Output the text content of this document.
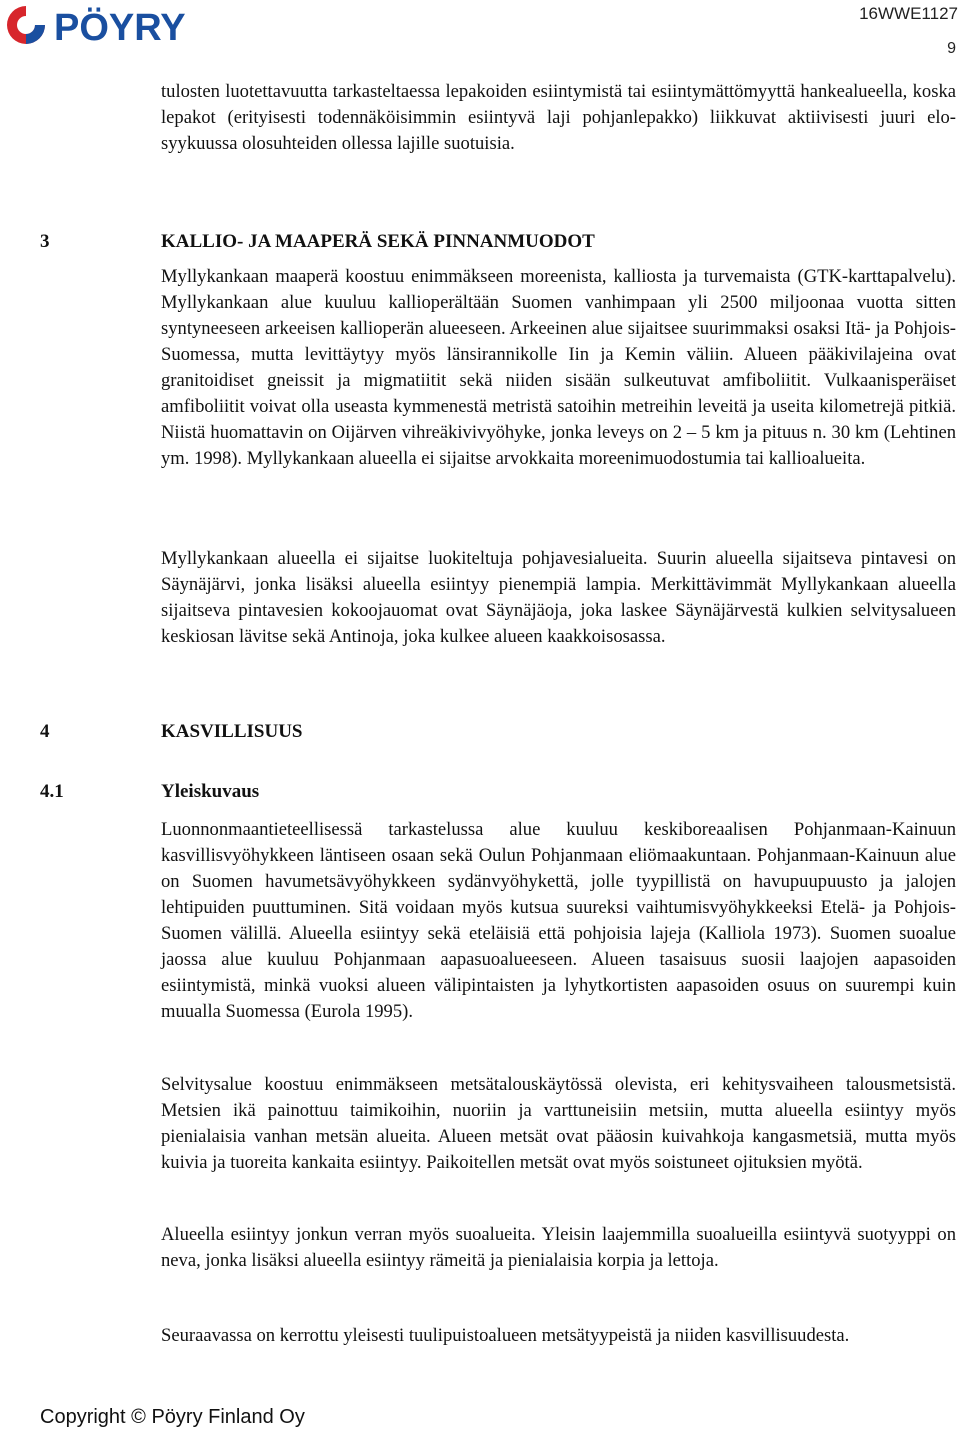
PÖYRY	16WWE1127
9

tulosten luotettavuutta tarkasteltaessa lepakoiden esiintymistä tai esiintymättömyyttä hankealueella, koska lepakot (erityisesti todennäköisimmin esiintyvä laji pohjanlepakko) liikkuvat aktiivisesti juuri elo-syykuussa olosuhteiden ollessa lajille suotuisia.

3	KALLIO- JA MAAPERÄ SEKÄ PINNANMUODOT

Myllykankaan maaperä koostuu enimmäkseen moreenista, kalliosta ja turvemaista (GTK-karttapalvelu). Myllykankaan alue kuuluu kallioperältään Suomen vanhimpaan yli 2500 miljoonaa vuotta sitten syntyneeseen arkeeisen kallioperän alueeseen. Arkeeinen alue sijaitsee suurimmaksi osaksi Itä- ja Pohjois-Suomessa, mutta levittäytyy myös länsirannikolle Iin ja Kemin väliin. Alueen pääkivilajeina ovat granitoidiset gneissit ja migmatiitit sekä niiden sisään sulkeutuvat amfiboliitit. Vulkaanisperäiset amfiboliitit voivat olla useasta kymmenestä metristä satoihin metreihin leveitä ja useita kilometrejä pitkiä. Niistä huomattavin on Oijärven vihreäkivivyöhyke, jonka leveys on 2 – 5 km ja pituus n. 30 km (Lehtinen ym. 1998). Myllykankaan alueella ei sijaitse arvokkaita moreenimuodostumia tai kallioalueita.

Myllykankaan alueella ei sijaitse luokiteltuja pohjavesialueita. Suurin alueella sijaitseva pintavesi on Säynäjärvi, jonka lisäksi alueella esiintyy pienempiä lampia. Merkittävimmät Myllykankaan alueella sijaitseva pintavesien kokoojauomat ovat Säynäjäoja, joka laskee Säynäjärvestä kulkien selvitysalueen keskiosan lävitse sekä Antinoja, joka kulkee alueen kaakkoisosassa.

4	KASVILLISUUS
4.1	Yleiskuvaus

Luonnonmaantieteellisessä tarkastelussa alue kuuluu keskiboreaalisen Pohjanmaan-Kainuun kasvillisvyöhykkeen läntiseen osaan sekä Oulun Pohjanmaan eliömaakuntaan. Pohjanmaan-Kainuun alue on Suomen havumetsävyöhykkeen sydänvyöhykettä, jolle tyypillistä on havupuupuusto ja jalojen lehtipuiden puuttuminen. Sitä voidaan myös kutsua suureksi vaihtumisvyöhykkeeksi Etelä- ja Pohjois-Suomen välillä. Alueella esiintyy sekä eteläisiä että pohjoisia lajeja (Kalliola 1973). Suomen suoalue​jaossa alue kuuluu Pohjanmaan aapasuoalueeseen. Alueen tasaisuus suosii laajojen aapasoiden esiintymistä, minkä vuoksi alueen välipintaisten ja lyhytkortisten aapasoiden osuus on suurempi kuin muualla Suomessa (Eurola 1995).

Selvitysalue koostuu enimmäkseen metsätalouskäytössä olevista, eri kehitysvaiheen talousmetsistä. Metsien ikä painottuu taimikoihin, nuoriin ja varttuneisiin metsiin, mutta alueella esiintyy myös pienialaisia vanhan metsän alueita. Alueen metsät ovat pääosin kuivahkoja kangasmetsiä, mutta myös kuivia ja tuoreita kankaita esiintyy. Paikoitellen metsät ovat myös soistuneet ojituksien myötä.

Alueella esiintyy jonkun verran myös suoalueita. Yleisin laajemmilla suoalueilla esiintyvä suotyyppi on neva, jonka lisäksi alueella esiintyy rämeitä ja pienialaisia korpia ja lettoja.

Seuraavassa on kerrottu yleisesti tuulipuistoalueen metsätyypeistä ja niiden kasvillisuudesta.

Copyright © Pöyry Finland Oy
